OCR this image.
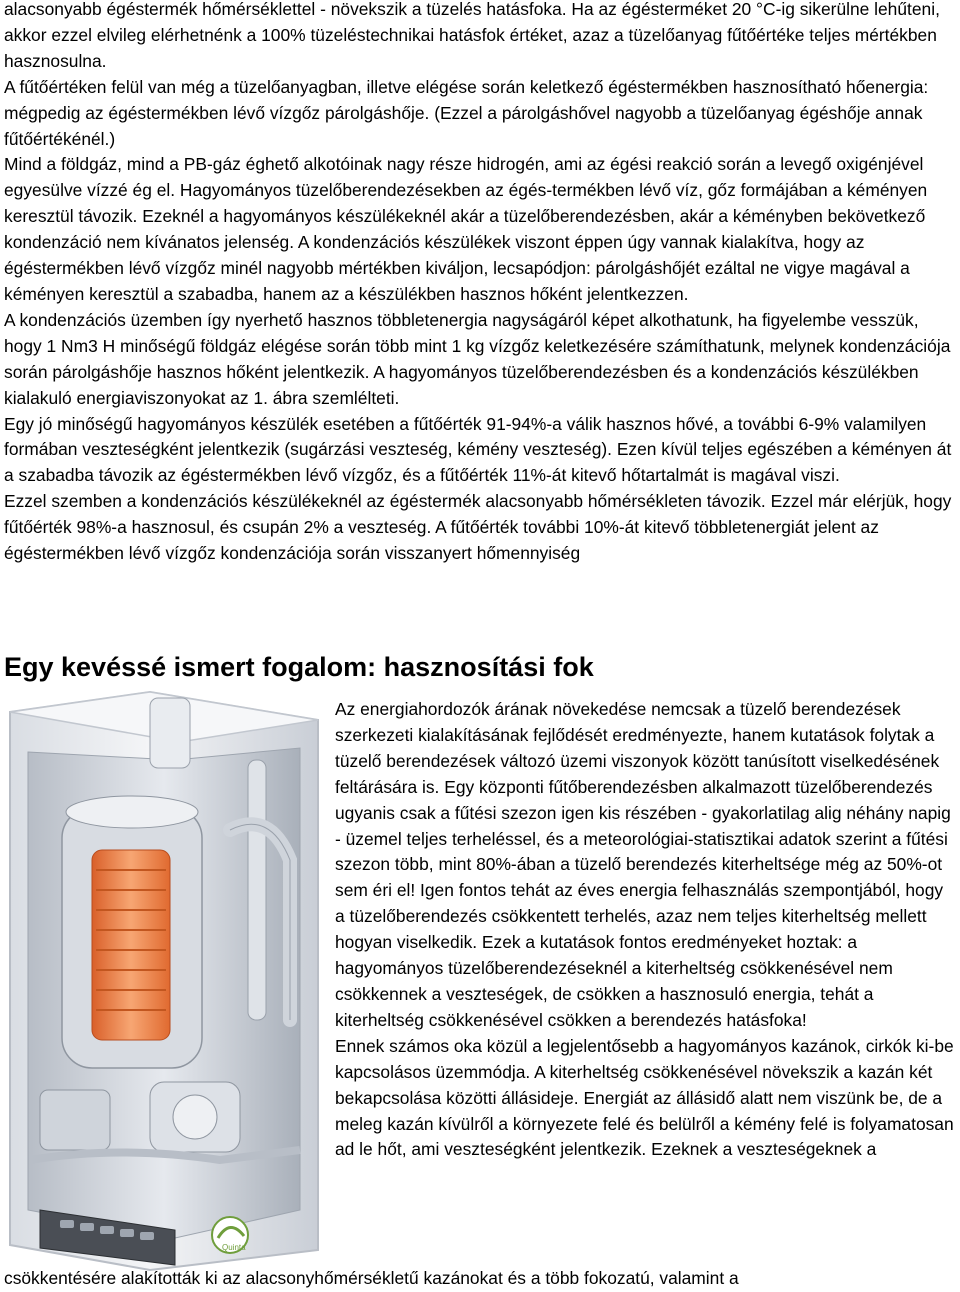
alacsonyabb égéstermék hőmérséklettel - növekszik a tüzelés hatásfoka. Ha az égésterméket 20 °C-ig sikerülne lehűteni, akkor ezzel elvileg elérhetnénk a 100% tüzeléstechnikai hatásfok értéket, azaz a tüzelőanyag fűtőértéke teljes mértékben hasznosulna.

A fűtőértéken felül van még a tüzelőanyagban, illetve elégése során keletkező égéstermékben hasznosítható hőenergia: mégpedig az égéstermékben lévő vízgőz párolgáshője. (Ezzel a párolgáshővel nagyobb a tüzelőanyag égéshője annak fűtőértékénél.)

Mind a földgáz, mind a PB-gáz éghető alkotóinak nagy része hidrogén, ami az égési reakció során a levegő oxigénjével egyesülve vízzé ég el. Hagyományos tüzelőberendezésekben az égés-termékben lévő víz, gőz formájában a kéményen keresztül távozik. Ezeknél a hagyományos készülékeknél akár a tüzelőberendezésben, akár a kéményben bekövetkező kondenzáció nem kívánatos jelenség. A kondenzációs készülékek viszont éppen úgy vannak kialakítva, hogy az égéstermékben lévő vízgőz minél nagyobb mértékben kiváljon, lecsapódjon: párolgáshőjét ezáltal ne vigye magával a kéményen keresztül a szabadba, hanem az a készülékben hasznos hőként jelentkezzen.

A kondenzációs üzemben így nyerhető hasznos többletenergia nagyságáról képet alkothatunk, ha figyelembe vesszük, hogy 1 Nm3 H minőségű földgáz elégése során több mint 1 kg vízgőz keletkezésére számíthatunk, melynek kondenzációja során párolgáshője hasznos hőként jelentkezik. A hagyományos tüzelőberendezésben és a kondenzációs készülékben kialakuló energiaviszonyokat az 1. ábra szemlélteti.

Egy jó minőségű hagyományos készülék esetében a fűtőérték 91-94%-a válik hasznos hővé, a további 6-9% valamilyen formában veszteségként jelentkezik (sugárzási veszteség, kémény veszteség). Ezen kívül teljes egészében a kéményen át a szabadba távozik az égéstermékben lévő vízgőz, és a fűtőérték 11%-át kitevő hőtartalmát is magával viszi.

Ezzel szemben a kondenzációs készülékeknél az égéstermék alacsonyabb hőmérsékleten távozik. Ezzel már elérjük, hogy fűtőérték 98%-a hasznosul, és csupán 2% a veszteség. A fűtőérték további 10%-át kitevő többletenergiát jelent az égéstermékben lévő vízgőz kondenzációja során visszanyert hőmennyiség

Egy kevéssé ismert fogalom: hasznosítási fok
Quinta

Az energiahordozók árának növekedése nemcsak a tüzelő berendezések szerkezeti kialakításának fejlődését eredményezte, hanem kutatások folytak a tüzelő berendezések változó üzemi viszonyok között tanúsított viselkedésének feltárására is. Egy központi fűtőberendezésben alkalmazott tüzelőberendezés ugyanis csak a fűtési szezon igen kis részében - gyakorlatilag alig néhány napig - üzemel teljes terheléssel, és a meteorológiai-statisztikai adatok szerint a fűtési szezon több, mint 80%-ában a tüzelő berendezés kiterheltsége még az 50%-ot sem éri el! Igen fontos tehát az éves energia felhasználás szempontjából, hogy a tüzelőberendezés csökkentett terhelés, azaz nem teljes kiterheltség mellett hogyan viselkedik. Ezek a kutatások fontos eredményeket hoztak: a hagyományos tüzelőberendezéseknél a kiterheltség csökkenésével nem csökkennek a veszteségek, de csökken a hasznosuló energia, tehát a kiterheltség csökkenésével csökken a berendezés hatásfoka!

Ennek számos oka közül a legjelentősebb a hagyományos kazánok, cirkók ki-be kapcsolásos üzemmódja. A kiterheltség csökkenésével növekszik a kazán két bekapcsolása közötti állásideje. Energiát az állásidő alatt nem viszünk be, de a meleg kazán kívülről a környezete felé és belülről a kémény felé is folyamatosan ad le hőt, ami veszteségként jelentkezik. Ezeknek a veszteségeknek a

csökkentésére alakították ki az alacsonyhőmérsékletű kazánokat és a több fokozatú, valamint a
